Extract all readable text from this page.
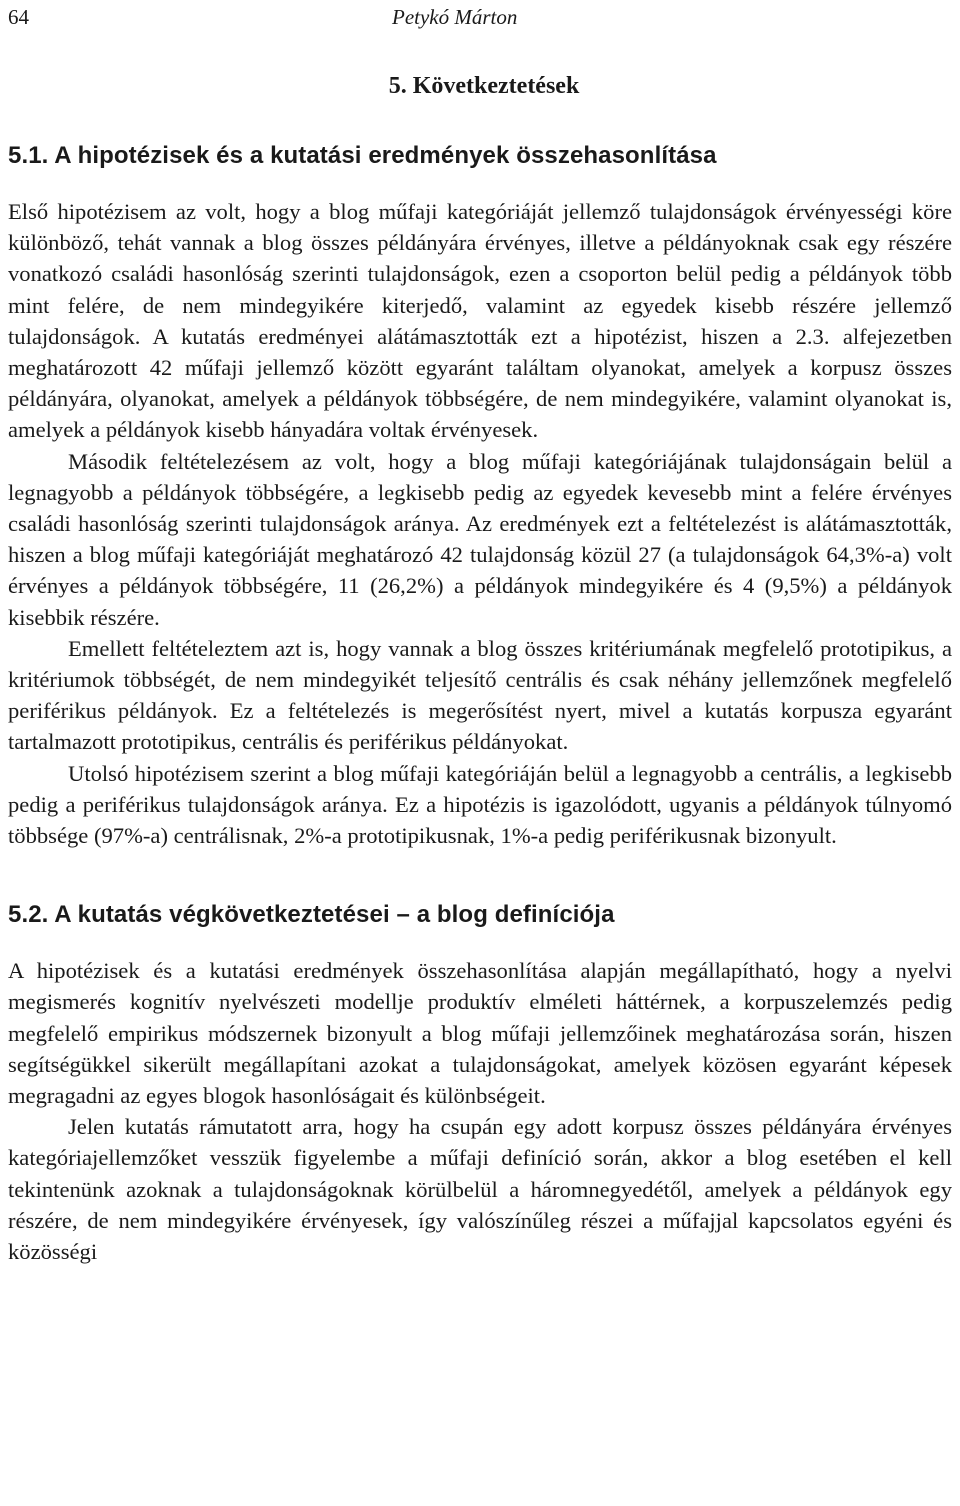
64	Petykó Márton
5. Következtetések
5.1. A hipotézisek és a kutatási eredmények összehasonlítása

Első hipotézisem az volt, hogy a blog műfaji kategóriáját jellemző tulajdonságok érvényességi köre különböző, tehát vannak a blog összes példányára érvényes, illetve a példányoknak csak egy részére vonatkozó családi hasonlóság szerinti tulajdonságok, ezen a csoporton belül pedig a példányok több mint felére, de nem mindegyikére kiterjedő, valamint az egyedek kisebb részére jellemző tulajdonságok. A kutatás eredményei alátámasztották ezt a hipotézist, hiszen a 2.3. alfejezetben meghatározott 42 műfaji jellemző között egyaránt találtam olyanokat, amelyek a korpusz összes példányára, olyanokat, amelyek a példányok többségére, de nem mindegyikére, valamint olyanokat is, amelyek a példányok kisebb hányadára voltak érvényesek.

Második feltételezésem az volt, hogy a blog műfaji kategóriájának tulajdonságain belül a legnagyobb a példányok többségére, a legkisebb pedig az egyedek kevesebb mint a felére érvényes családi hasonlóság szerinti tulajdonságok aránya. Az eredmények ezt a feltételezést is alátámasztották, hiszen a blog műfaji kategóriáját meghatározó 42 tulajdonság közül 27 (a tulajdonságok 64,3%-a) volt érvényes a példányok többségére, 11 (26,2%) a példányok mindegyikére és 4 (9,5%) a példányok kisebbik részére.

Emellett feltételeztem azt is, hogy vannak a blog összes kritériumának megfelelő prototipikus, a kritériumok többségét, de nem mindegyikét teljesítő centrális és csak néhány jellemzőnek megfelelő periférikus példányok. Ez a feltételezés is megerősítést nyert, mivel a kutatás korpusza egyaránt tartalmazott prototipikus, centrális és periférikus példányokat.

Utolsó hipotézisem szerint a blog műfaji kategóriáján belül a legnagyobb a centrális, a legkisebb pedig a periférikus tulajdonságok aránya. Ez a hipotézis is igazolódott, ugyanis a példányok túlnyomó többsége (97%-a) centrálisnak, 2%-a prototipikusnak, 1%-a pedig periférikusnak bizonyult.

5.2. A kutatás végkövetkeztetései – a blog definíciója

A hipotézisek és a kutatási eredmények összehasonlítása alapján megállapítható, hogy a nyelvi megismerés kognitív nyelvészeti modellje produktív elméleti háttérnek, a korpuszelemzés pedig megfelelő empirikus módszernek bizonyult a blog műfaji jellemzőinek meghatározása során, hiszen segítségükkel sikerült megállapítani azokat a tulajdonságokat, amelyek közösen egyaránt képesek megragadni az egyes blogok hasonlóságait és különbségeit.

Jelen kutatás rámutatott arra, hogy ha csupán egy adott korpusz összes példányára érvényes kategóriajellemzőket vesszük figyelembe a műfaji definíció során, akkor a blog esetében el kell tekintenünk azoknak a tulajdonságoknak körülbelül a háromnegyedétől, amelyek a példányok egy részére, de nem mindegyikére érvényesek, így valószínűleg részei a műfajjal kapcsolatos egyéni és közösségi
